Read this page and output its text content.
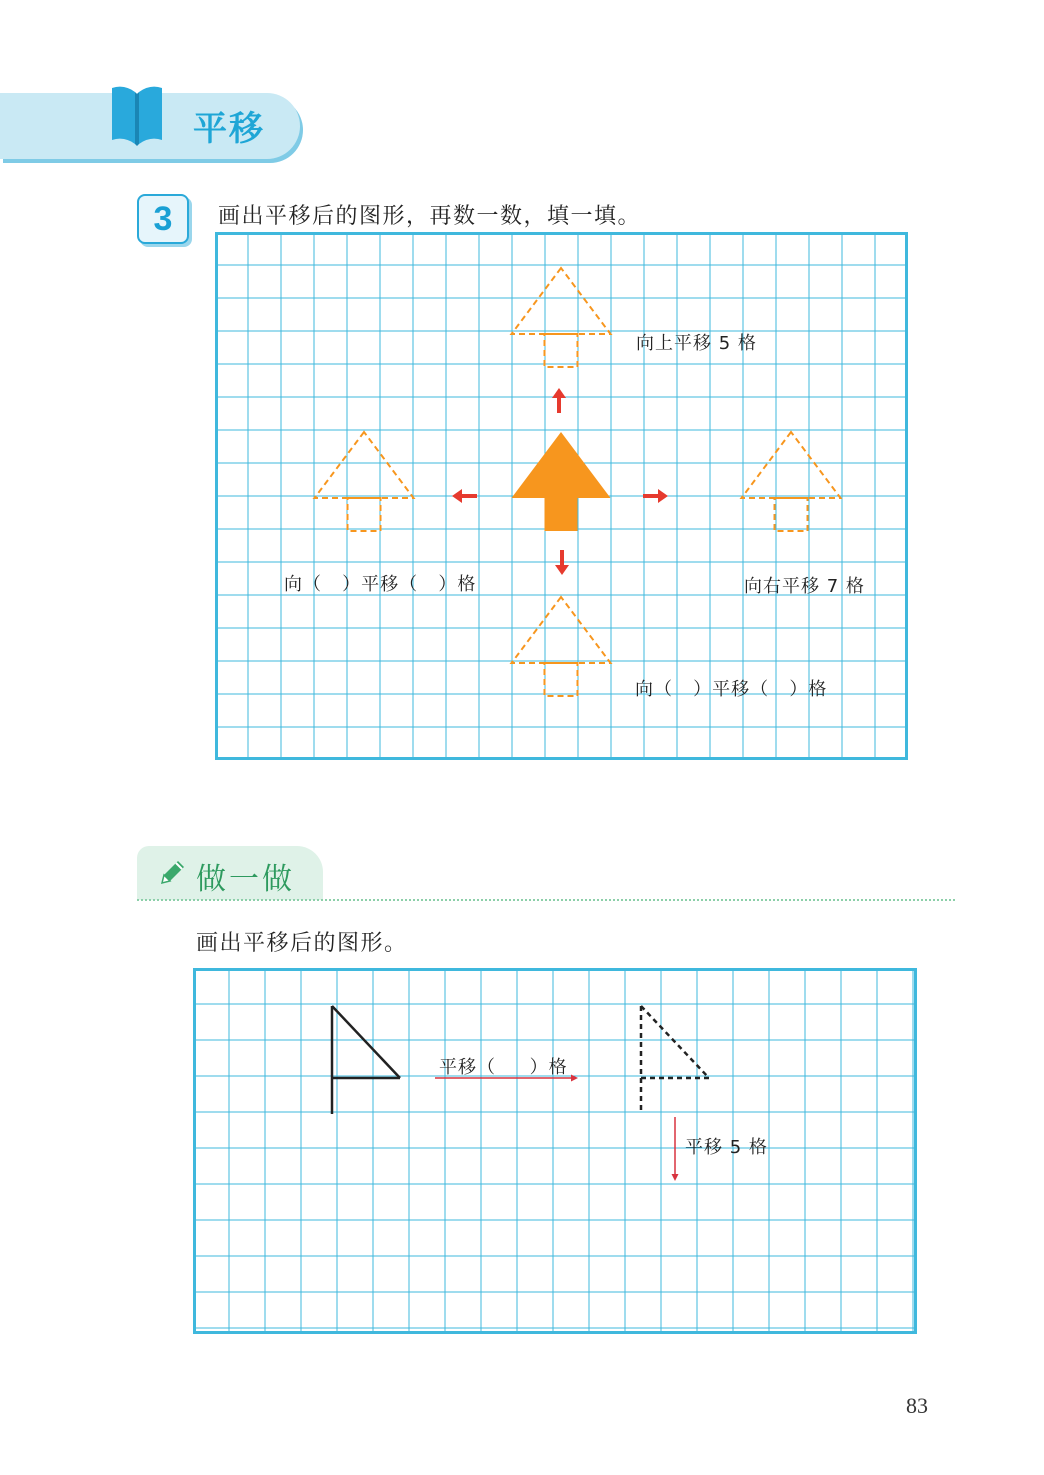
平移
3	画出平移后的图形，再数一数，填一填。
向上平移 5 格
向（   ）平移（   ）格	向右平移 7 格
向（   ）平移（   ）格
做一做
画出平移后的图形。
平移（     ）格
平移 5 格
83
